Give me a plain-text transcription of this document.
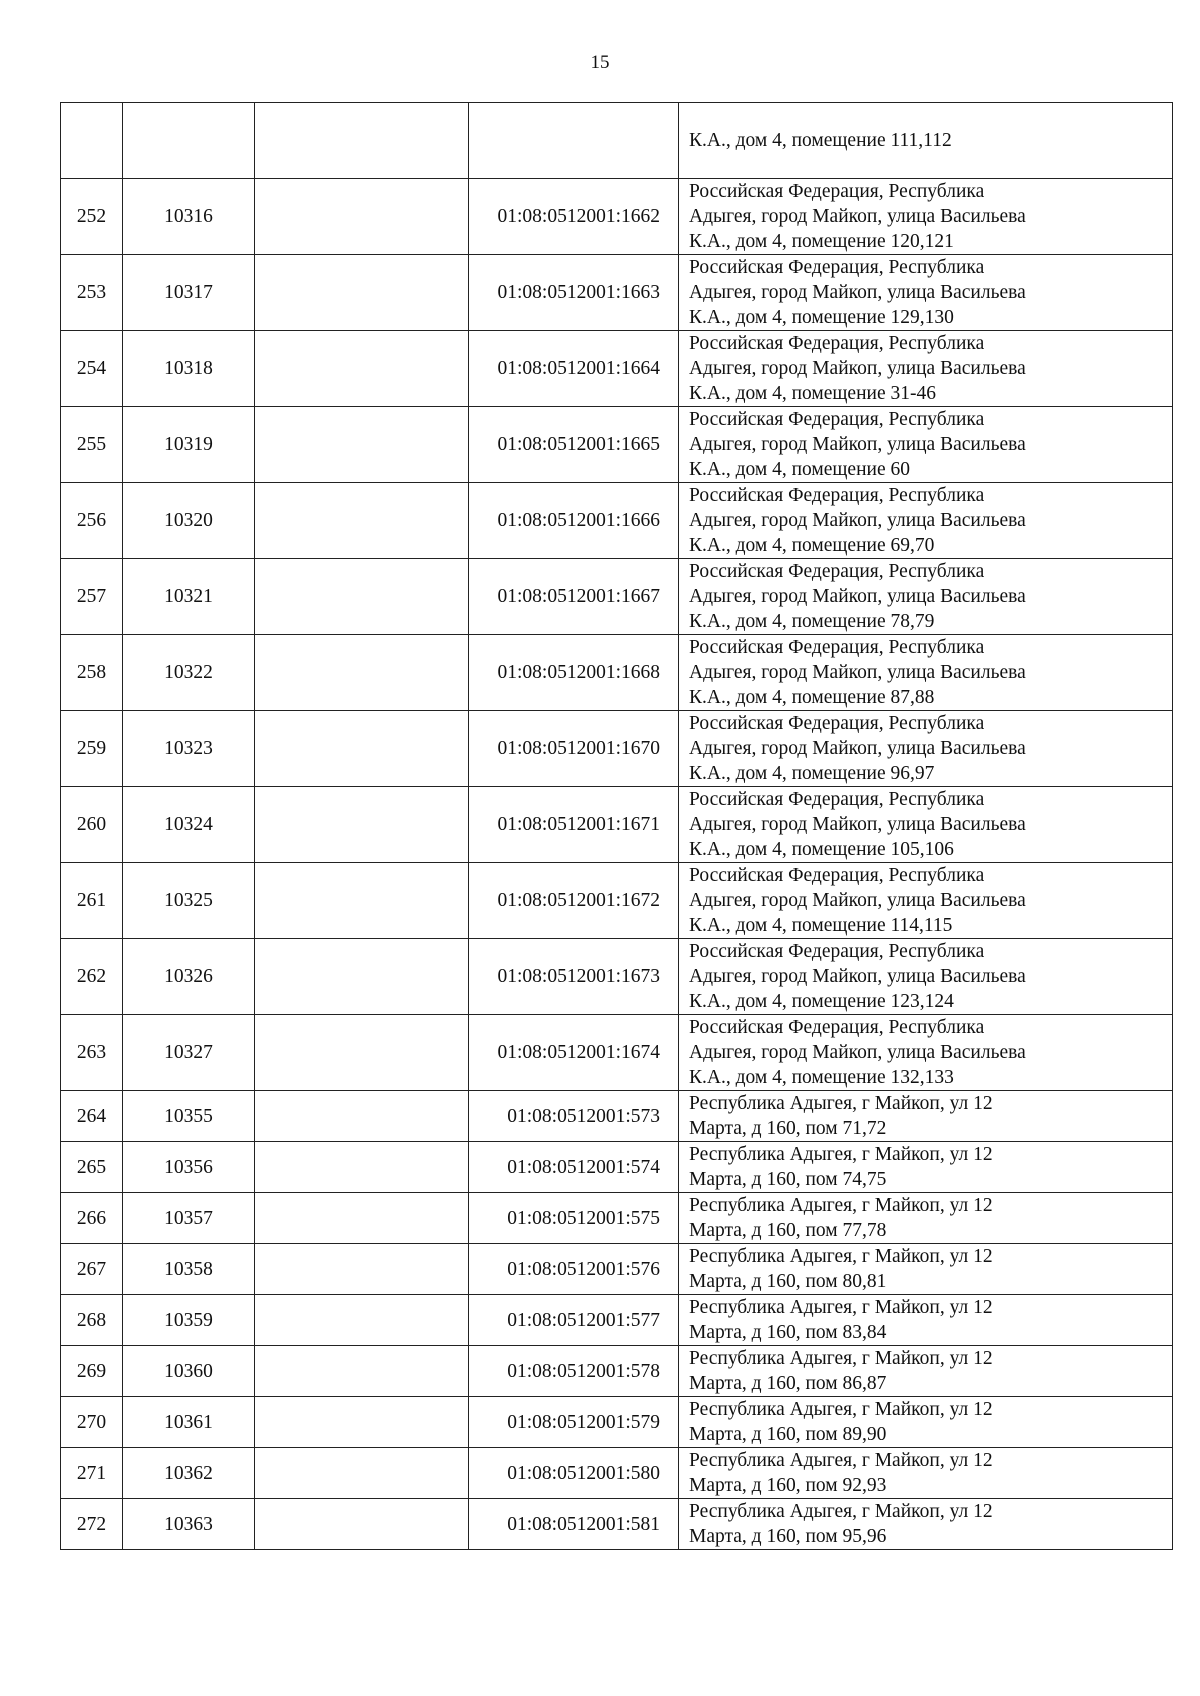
15

				К.А., дом 4, помещение 111,112

252	10316		01:08:0512001:1662	Российская Федерация, Республика
Адыгея, город Майкоп, улица Васильева
К.А., дом 4, помещение 120,121

253	10317		01:08:0512001:1663	Российская Федерация, Республика
Адыгея, город Майкоп, улица Васильева
К.А., дом 4, помещение 129,130

254	10318		01:08:0512001:1664	Российская Федерация, Республика
Адыгея, город Майкоп, улица Васильева
К.А., дом 4, помещение 31-46

255	10319		01:08:0512001:1665	Российская Федерация, Республика
Адыгея, город Майкоп, улица Васильева
К.А., дом 4, помещение 60

256	10320		01:08:0512001:1666	Российская Федерация, Республика
Адыгея, город Майкоп, улица Васильева
К.А., дом 4, помещение 69,70

257	10321		01:08:0512001:1667	Российская Федерация, Республика
Адыгея, город Майкоп, улица Васильева
К.А., дом 4, помещение 78,79

258	10322		01:08:0512001:1668	Российская Федерация, Республика
Адыгея, город Майкоп, улица Васильева
К.А., дом 4, помещение 87,88

259	10323		01:08:0512001:1670	Российская Федерация, Республика
Адыгея, город Майкоп, улица Васильева
К.А., дом 4, помещение 96,97

260	10324		01:08:0512001:1671	Российская Федерация, Республика
Адыгея, город Майкоп, улица Васильева
К.А., дом 4, помещение 105,106

261	10325		01:08:0512001:1672	Российская Федерация, Республика
Адыгея, город Майкоп, улица Васильева
К.А., дом 4, помещение 114,115

262	10326		01:08:0512001:1673	Российская Федерация, Республика
Адыгея, город Майкоп, улица Васильева
К.А., дом 4, помещение 123,124

263	10327		01:08:0512001:1674	Российская Федерация, Республика
Адыгея, город Майкоп, улица Васильева
К.А., дом 4, помещение 132,133

264	10355		01:08:0512001:573	Республика Адыгея, г Майкоп, ул 12
Марта, д 160, пом 71,72

265	10356		01:08:0512001:574	Республика Адыгея, г Майкоп, ул 12
Марта, д 160, пом 74,75

266	10357		01:08:0512001:575	Республика Адыгея, г Майкоп, ул 12
Марта, д 160, пом 77,78

267	10358		01:08:0512001:576	Республика Адыгея, г Майкоп, ул 12
Марта, д 160, пом 80,81

268	10359		01:08:0512001:577	Республика Адыгея, г Майкоп, ул 12
Марта, д 160, пом 83,84

269	10360		01:08:0512001:578	Республика Адыгея, г Майкоп, ул 12
Марта, д 160, пом 86,87

270	10361		01:08:0512001:579	Республика Адыгея, г Майкоп, ул 12
Марта, д 160, пом 89,90

271	10362		01:08:0512001:580	Республика Адыгея, г Майкоп, ул 12
Марта, д 160, пом 92,93

272	10363		01:08:0512001:581	Республика Адыгея, г Майкоп, ул 12
Марта, д 160, пом 95,96
